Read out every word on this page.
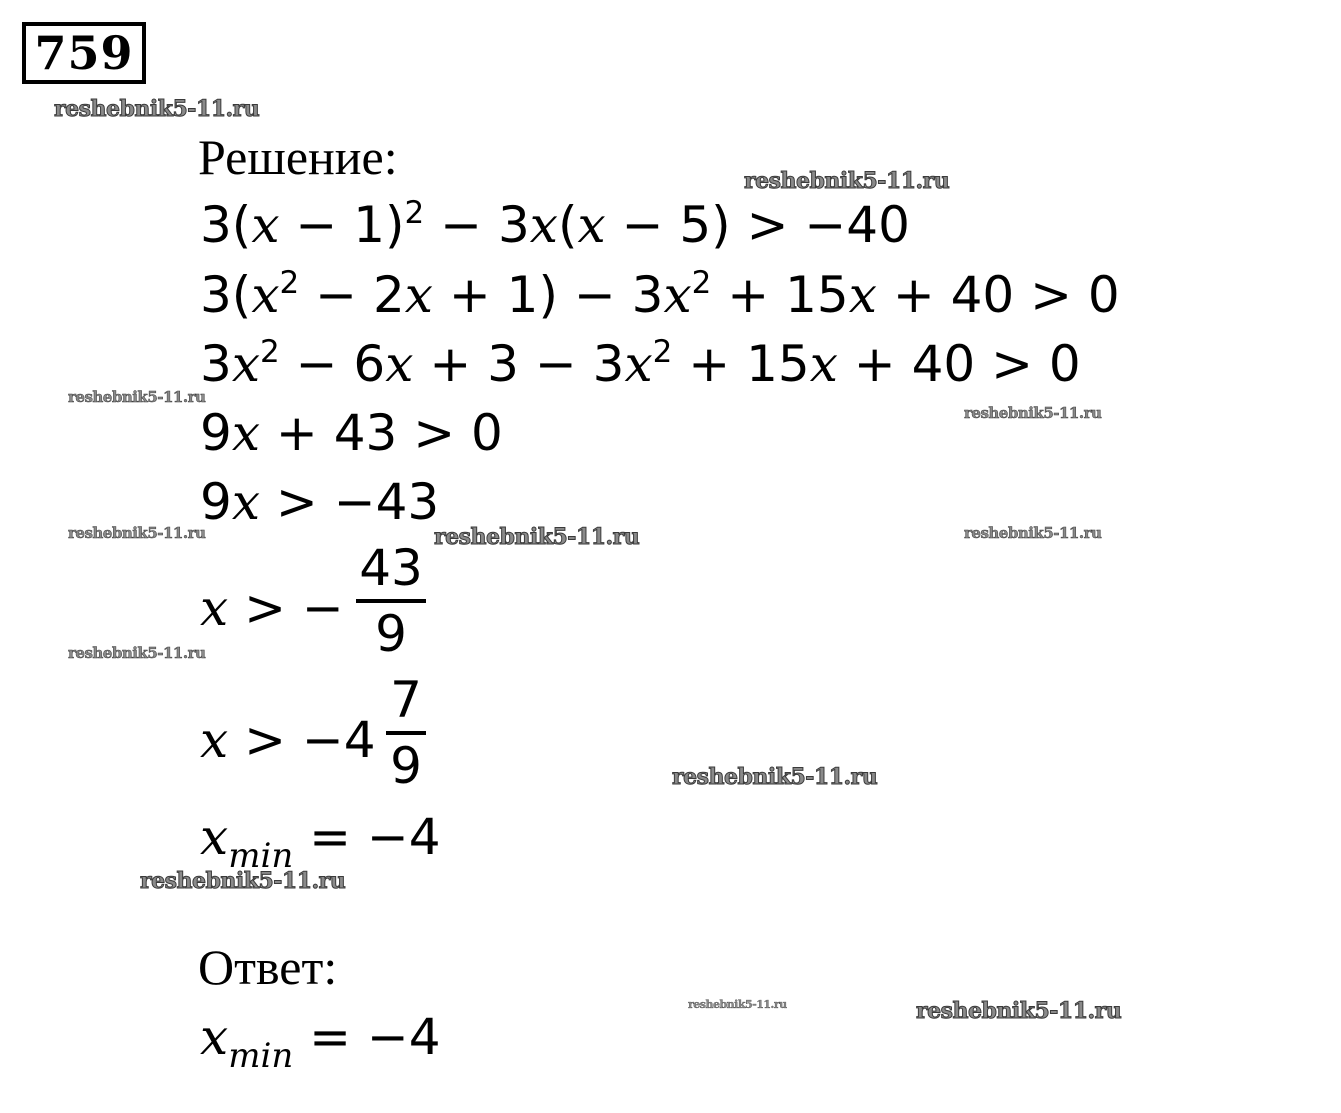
759
Решение:
$3(x - 1)^2 - 3x(x - 5) > -40$
$3(x^2 - 2x + 1) - 3x^2 + 15x + 40 > 0$
$3x^2 - 6x + 3 - 3x^2 + 15x + 40 > 0$
9x + 43 > 0
9x > −43
x > −
43
9
x > −4
7
9
$x_{min} = -4$
Ответ:
$x_{min} = -4$
reshebnik5-11.ru
reshebnik5-11.ru
reshebnik5-11.ru
reshebnik5-11.ru
reshebnik5-11.ru	reshebnik5-11.ru	reshebnik5-11.ru
reshebnik5-11.ru
reshebnik5-11.ru
reshebnik5-11.ru
reshebnik5-11.ru	reshebnik5-11.ru
